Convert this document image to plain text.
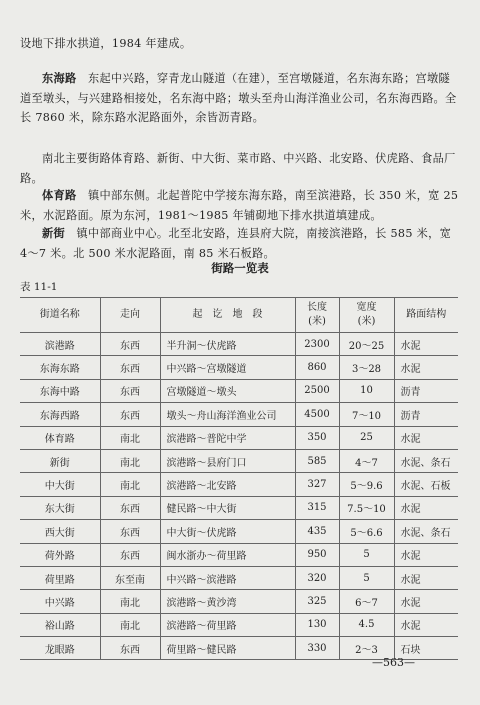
设地下排水拱道，1984 年建成。
东海路　 东起中兴路，穿青龙山隧道（在建），至宫墩隧道，名东海东路；宫墩隧道至墩头，与兴建路相接处，名东海中路；墩头至舟山海洋渔业公司，名东海西路。全长 7860 米，除东路水泥路面外，余皆沥青路。
南北主要街路体育路、新街、中大街、菜市路、中兴路、北安路、伏虎路、食品厂路。
体育路　 镇中部东侧。北起普陀中学接东海东路，南至滨港路，长 350 米，宽 25 米，水泥路面。原为东河，1981～1985 年铺砌地下排水拱道填建成。
新街　 镇中部商业中心。北至北安路，连县府大院，南接滨港路，长 585 米，宽 4～7 米。北 500 米水泥路面，南 85 米石板路。
街路一览表
表 11-1
街道名称	走向	起　讫　地　段	长度
(米)	宽度
(米)	路面结构
滨港路	东西	半升洞～伏虎路	2300	20～25	水泥
东海东路	东西	中兴路～宫墩隧道	860	3～28	水泥
东海中路	东西	宫墩隧道～墩头	2500	10	沥青
东海西路	东西	墩头～舟山海洋渔业公司	4500	7～10	沥青
体育路	南北	滨港路～普陀中学	350	25	水泥
新街	南北	滨港路～县府门口	585	4～7	水泥、条石
中大街	南北	滨港路～北安路	327	5～9.6	水泥、石板
东大街	东西	健民路～中大街	315	7.5～10	水泥
西大街	东西	中大街～伏虎路	435	5～6.6	水泥、条石
荷外路	东西	闽水浙办～荷里路	950	5	水泥
荷里路	东至南	中兴路～滨港路	320	5	水泥
中兴路	南北	滨港路～黄沙湾	325	6～7	水泥
裕山路	南北	滨港路～荷里路	130	4.5	水泥
龙眼路	东西	荷里路～健民路	330	2～3	石块
—563—
